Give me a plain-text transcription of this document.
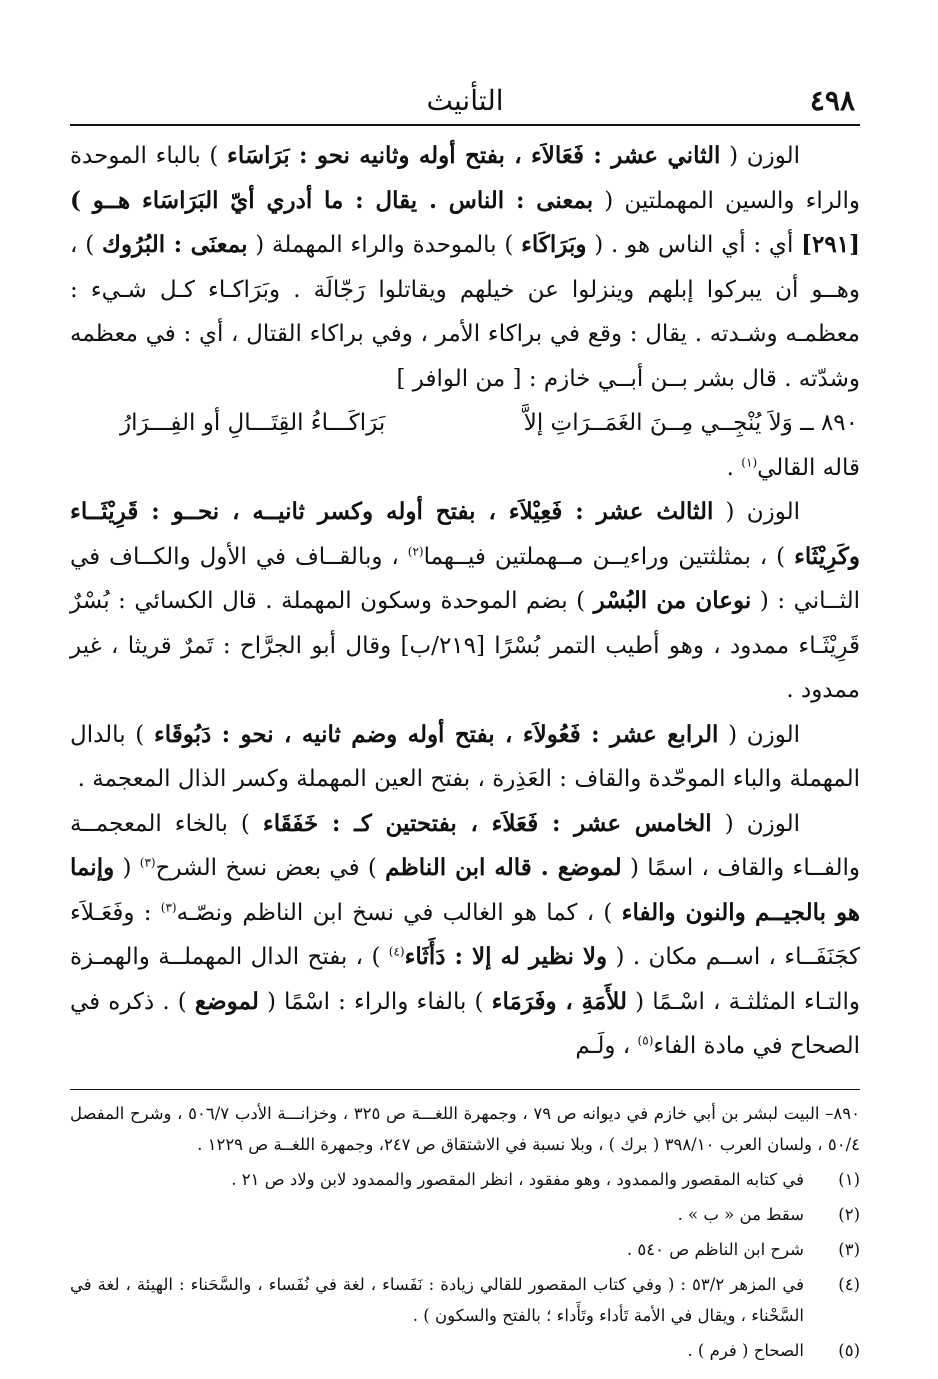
٤٩٨
التأنيث

الوزن ( الثاني عشر : فَعَالاَء ، بفتح أوله وثانيه نحو : بَرَاسَاء ) بالباء الموحدة والراء والسين المهملتين ( بمعنى : الناس . يقال : ما أدري أيّ البَرَاسَاء هــو ) [٢٩١] أي : أي الناس هو . ( وبَرَاكَاء ) بالموحدة والراء المهملة ( بمعنَى : البُرُوك ) ، وهــو أن يبركوا إبلهم وينزلوا عن خيلهم ويقاتلوا رَجّالَة . وبَرَاكـاء كـل شـيء : معظمـه وشـدته . يقال : وقع في براكاء الأمر ، وفي براكاء القتال ، أي : في معظمه وشدّته . قال بشر بــن أبــي خازم : [ من الوافر ]

٨٩٠ ــ وَلاَ يُنْجِــي مِــنَ الغَمَــرَاتِ إلاَّ
بَرَاكَـــاءُ القِتَـــالِ أو الفِـــرَارُ

قاله القالي$^{(١)}$ .

الوزن ( الثالث عشر : فَعِيْلاَء ، بفتح أوله وكسر ثانيــه ، نحــو : قَرِيْثَــاء وكَرِيْثَاء ) ، بمثلثتين وراءيــن مــهملتين فيــهما$^{(٢)}$ ، وبالقــاف في الأول والكــاف في الثــاني : ( نوعان من البُسْر ) بضم الموحدة وسكون المهملة . قال الكسائي : بُسْرٌ قَرِيْثَـاء ممدود ، وهو أطيب التمر بُسْرًا [٢١٩/ب] وقال أبو الجرَّاح : تَمرٌ قريثا ، غير ممدود .

الوزن ( الرابع عشر : فَعُولاَء ، بفتح أوله وضم ثانيه ، نحو : دَبُوقَاء ) بالدال المهملة والباء الموحّدة والقاف : العَذِرة ، بفتح العين المهملة وكسر الذال المعجمة .

الوزن ( الخامس عشر : فَعَلاَء ، بفتحتين كـ : خَفَقَاء ) بالخاء المعجمــة والفــاء والقاف ، اسمًا ( لموضع . قاله ابن الناظم ) في بعض نسخ الشرح$^{(٣)}$ ( وإنما هو بالجيــم والنون والفاء ) ، كما هو الغالب في نسخ ابن الناظم ونصّـه$^{(٣)}$ : وفَعَـلاَء كجَنَفَــاء ، اســم مكان . ( ولا نظير له إلا : دَأَثَاء$^{(٤)}$ ) ، بفتح الدال المهملــة والهمـزة والتـاء المثلثـة ، اسْـمًا ( للأَمَةِ ، وفَرَمَاء ) بالفاء والراء : اسْمًا ( لموضع ) . ذكره في الصحاح في مادة الفاء$^{(٥)}$ ، ولَـم

٨٩٠– البيت لبشر بن أبي خازم في ديوانه ص ٧٩ ، وجمهرة اللغـــة ص ٣٢٥ ، وخزانـــة الأدب ٥٠٦/٧ ، وشرح المفصل ٥٠/٤ ، ولسان العرب ٣٩٨/١٠ ( برك ) ، وبلا نسبة في الاشتقاق ص ٢٤٧، وجمهرة اللغــة ص ١٢٢٩ .

(١)
في كتابه المقصور والممدود ، وهو مفقود ، انظر المقصور والممدود لابن ولاد ص ٢١ .
(٢)
سقط من « ب » .
(٣)
شرح ابن الناظم ص ٥٤٠ .
(٤)
في المزهر ٥٣/٢ : ( وفي كتاب المقصور للقالي زيادة : نَفَساء ، لغة في نُفَساء ، والسَّحَناء : الهيئة ، لغة في السَّحْناء ، ويقال في الأمة تَأداء وتَأَداء ؛ بالفتح والسكون ) .
(٥)
الصحاح ( فرم ) .
